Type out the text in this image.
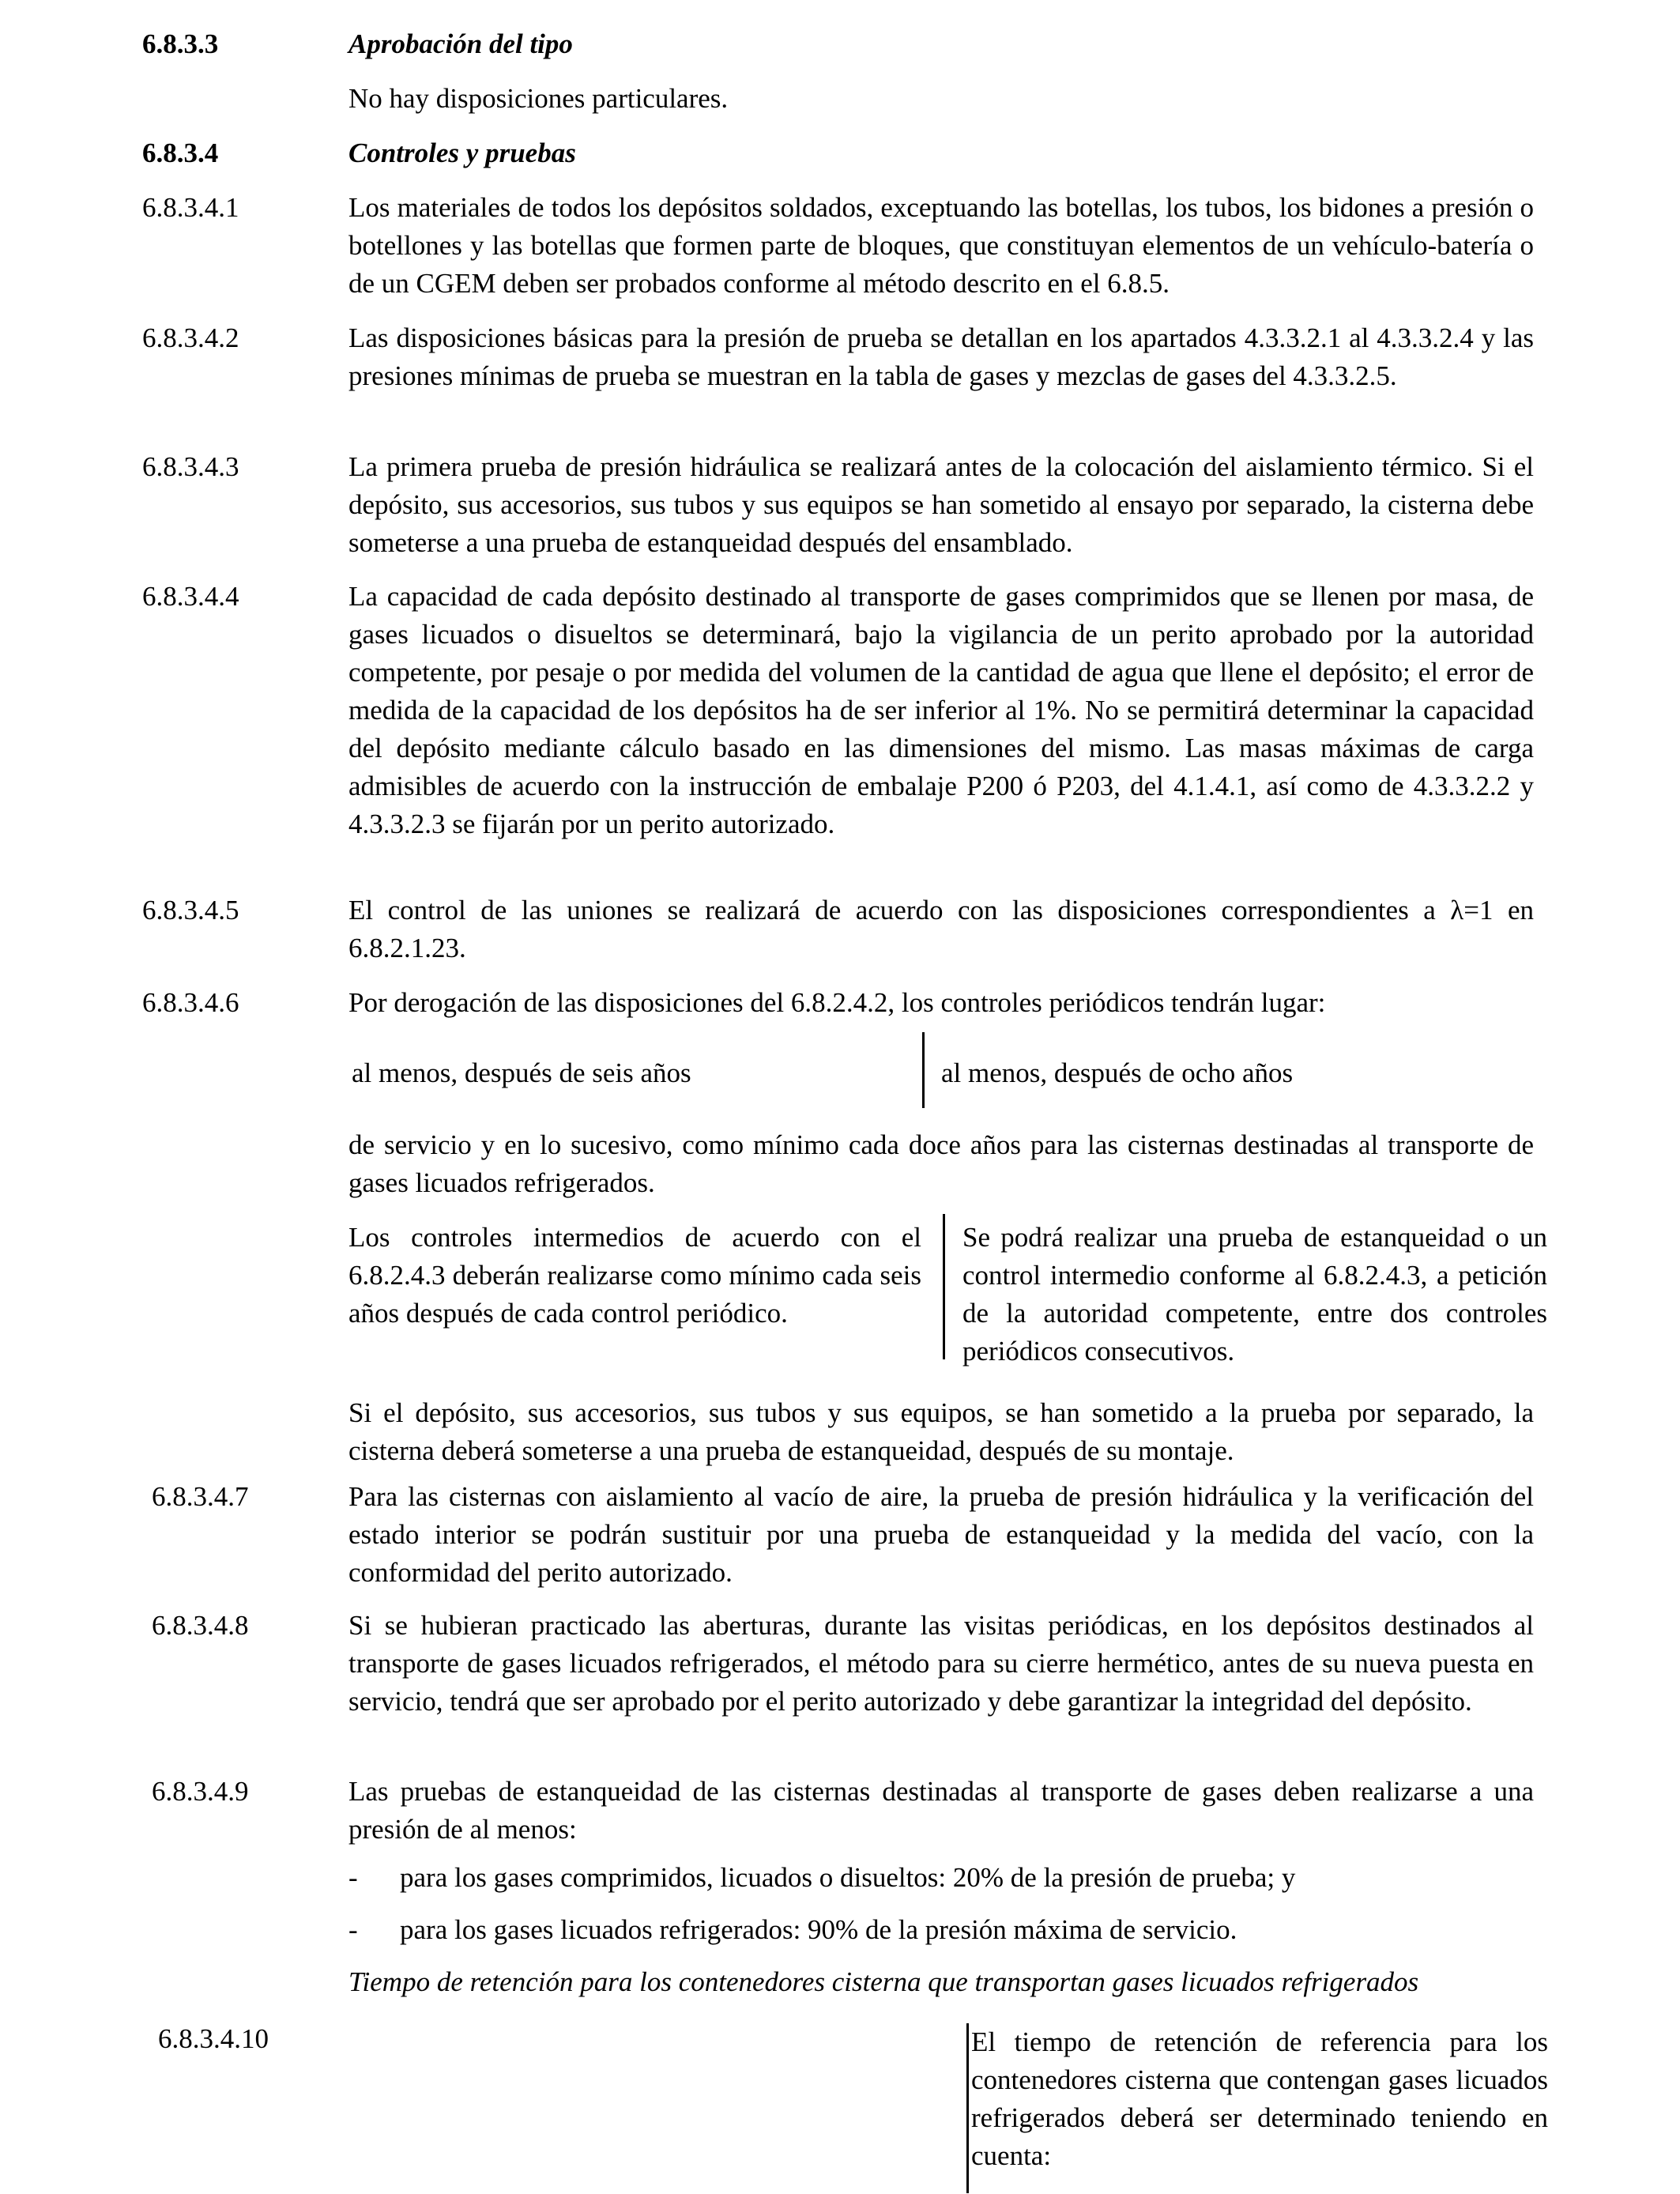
6.8.3.3	Aprobación del tipo
No hay disposiciones particulares.
6.8.3.4	Controles y pruebas
6.8.3.4.1	Los materiales de todos los depósitos soldados, exceptuando las botellas, los tubos, los bidones a presión o botellones y las botellas que formen parte de bloques, que constituyan elementos de un vehículo-batería o de un CGEM deben ser probados conforme al método descrito en el 6.8.5.
6.8.3.4.2	Las disposiciones básicas para la presión de prueba se detallan en los apartados 4.3.3.2.1 al 4.3.3.2.4 y las presiones mínimas de prueba se muestran en la tabla de gases y mezclas de gases del 4.3.3.2.5.
6.8.3.4.3	La primera prueba de presión hidráulica se realizará antes de la colocación del aislamiento térmico. Si el depósito, sus accesorios, sus tubos y sus equipos se han sometido al ensayo por separado, la cisterna debe someterse a una prueba de estanqueidad después del ensamblado.
6.8.3.4.4	La capacidad de cada depósito destinado al transporte de gases comprimidos que se llenen por masa, de gases licuados o disueltos se determinará, bajo la vigilancia de un perito aprobado por la autoridad competente, por pesaje o por medida del volumen de la cantidad de agua que llene el depósito; el error de medida de la capacidad de los depósitos ha de ser inferior al 1%. No se permitirá determinar la capacidad del depósito mediante cálculo basado en las dimensiones del mismo. Las masas máximas de carga admisibles de acuerdo con la instrucción de embalaje P200 ó P203, del 4.1.4.1, así como de 4.3.3.2.2 y 4.3.3.2.3 se fijarán por un perito autorizado.
6.8.3.4.5	El control de las uniones se realizará de acuerdo con las disposiciones correspondientes a λ=1 en 6.8.2.1.23.
6.8.3.4.6	Por derogación de las disposiciones del 6.8.2.4.2, los controles periódicos tendrán lugar:
al menos, después de seis años	al menos, después de ocho años
de servicio y en lo sucesivo, como mínimo cada doce años para las cisternas destinadas al transporte de gases licuados refrigerados.
Los controles intermedios de acuerdo con el 6.8.2.4.3 deberán realizarse como mínimo cada seis años después de cada control periódico.
Se podrá realizar una prueba de estanqueidad o un control intermedio conforme al 6.8.2.4.3, a petición de la autoridad competente, entre dos controles periódicos consecutivos.
Si el depósito, sus accesorios, sus tubos y sus equipos, se han sometido a la prueba por separado, la cisterna deberá someterse a una prueba de estanqueidad, después de su montaje.
6.8.3.4.7	Para las cisternas con aislamiento al vacío de aire, la prueba de presión hidráulica y la verificación del estado interior se podrán sustituir por una prueba de estanqueidad y la medida del vacío, con la conformidad del perito autorizado.
6.8.3.4.8	Si se hubieran practicado las aberturas, durante las visitas periódicas, en los depósitos destinados al transporte de gases licuados refrigerados, el método para su cierre hermético, antes de su nueva puesta en servicio, tendrá que ser aprobado por el perito autorizado y debe garantizar la integridad del depósito.
6.8.3.4.9	Las pruebas de estanqueidad de las cisternas destinadas al transporte de gases deben realizarse a una presión de al menos:
- para los gases comprimidos, licuados o disueltos: 20% de la presión de prueba; y
- para los gases licuados refrigerados: 90% de la presión máxima de servicio.
Tiempo de retención para los contenedores cisterna que transportan gases licuados refrigerados
6.8.3.4.10	El tiempo de retención de referencia para los contenedores cisterna que contengan gases licuados refrigerados deberá ser determinado teniendo en cuenta:
